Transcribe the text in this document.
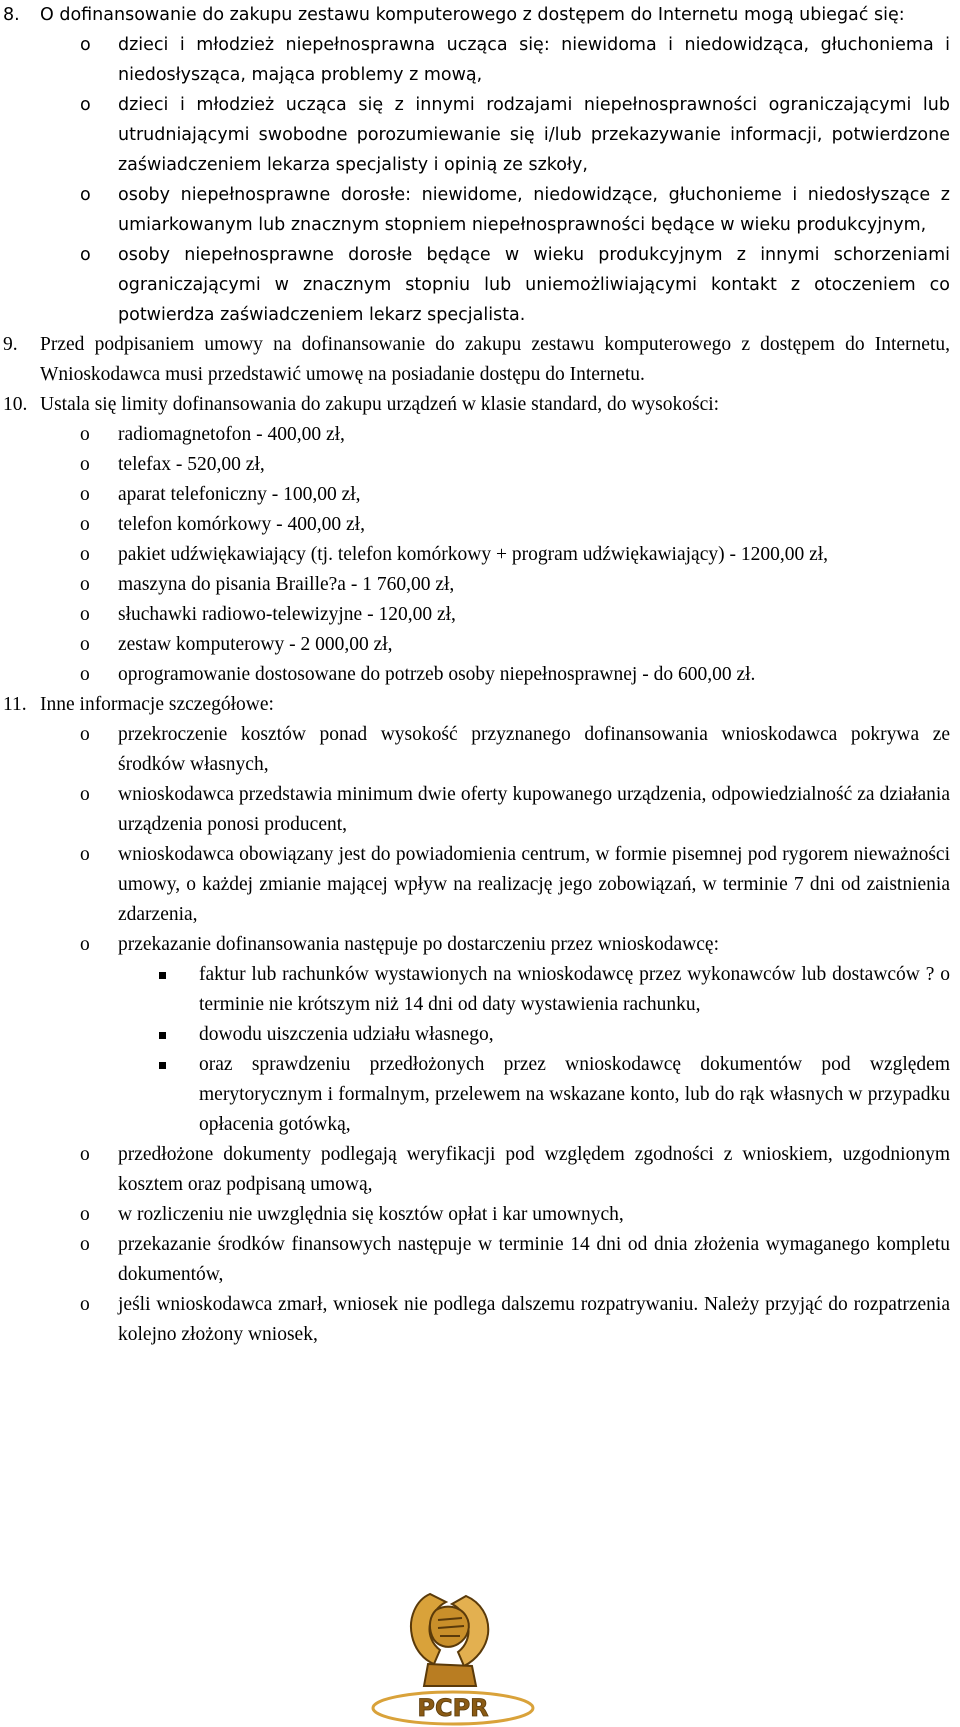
8. O dofinansowanie do zakupu zestawu komputerowego z dostępem do Internetu mogą ubiegać się:
o dzieci i młodzież niepełnosprawna ucząca się: niewidoma i niedowidząca, głuchoniema i niedosłysząca, mająca problemy z mową,
o dzieci i młodzież ucząca się z innymi rodzajami niepełnosprawności ograniczającymi lub utrudniającymi swobodne porozumiewanie się i/lub przekazywanie informacji, potwierdzone zaświadczeniem lekarza specjalisty i opinią ze szkoły,
o osoby niepełnosprawne dorosłe: niewidome, niedowidzące, głuchonieme i niedosłyszące z umiarkowanym lub znacznym stopniem niepełnosprawności będące w wieku produkcyjnym,
o osoby niepełnosprawne dorosłe będące w wieku produkcyjnym z innymi schorzeniami ograniczającymi w znacznym stopniu lub uniemożliwiającymi kontakt z otoczeniem co potwierdza zaświadczeniem lekarz specjalista.
9. Przed podpisaniem umowy na dofinansowanie do zakupu zestawu komputerowego z dostępem do Internetu, Wnioskodawca musi przedstawić umowę na posiadanie dostępu do Internetu.
10. Ustala się limity dofinansowania do zakupu urządzeń w klasie standard, do wysokości:
o radiomagnetofon - 400,00 zł,
o telefax - 520,00 zł,
o aparat telefoniczny - 100,00 zł,
o telefon komórkowy - 400,00 zł,
o pakiet udźwiękawiający (tj. telefon komórkowy + program udźwiękawiający) - 1200,00 zł,
o maszyna do pisania Braille?a - 1 760,00 zł,
o słuchawki radiowo-telewizyjne - 120,00 zł,
o zestaw komputerowy - 2 000,00 zł,
o oprogramowanie dostosowane do potrzeb osoby niepełnosprawnej - do 600,00 zł.
11. Inne informacje szczegółowe:
o przekroczenie kosztów ponad wysokość przyznanego dofinansowania wnioskodawca pokrywa ze środków własnych,
o wnioskodawca przedstawia minimum dwie oferty kupowanego urządzenia, odpowiedzialność za działania urządzenia ponosi producent,
o wnioskodawca obowiązany jest do powiadomienia centrum, w formie pisemnej pod rygorem nieważności umowy, o każdej zmianie mającej wpływ na realizację jego zobowiązań, w terminie 7 dni od zaistnienia zdarzenia,
o przekazanie dofinansowania następuje po dostarczeniu przez wnioskodawcę:
faktur lub rachunków wystawionych na wnioskodawcę przez wykonawców lub dostawców ? o terminie nie krótszym niż 14 dni od daty wystawienia rachunku,
dowodu uiszczenia udziału własnego,
oraz sprawdzeniu przedłożonych przez wnioskodawcę dokumentów pod względem merytorycznym i formalnym, przelewem na wskazane konto, lub do rąk własnych w przypadku opłacenia gotówką,
o przedłożone dokumenty podlegają weryfikacji pod względem zgodności z wnioskiem, uzgodnionym kosztem oraz podpisaną umową,
o w rozliczeniu nie uwzględnia się kosztów opłat i kar umownych,
o przekazanie środków finansowych następuje w terminie 14 dni od dnia złożenia wymaganego kompletu dokumentów,
o jeśli wnioskodawca zmarł, wniosek nie podlega dalszemu rozpatrywaniu. Należy przyjąć do rozpatrzenia kolejno złożony wniosek,
PCPR
